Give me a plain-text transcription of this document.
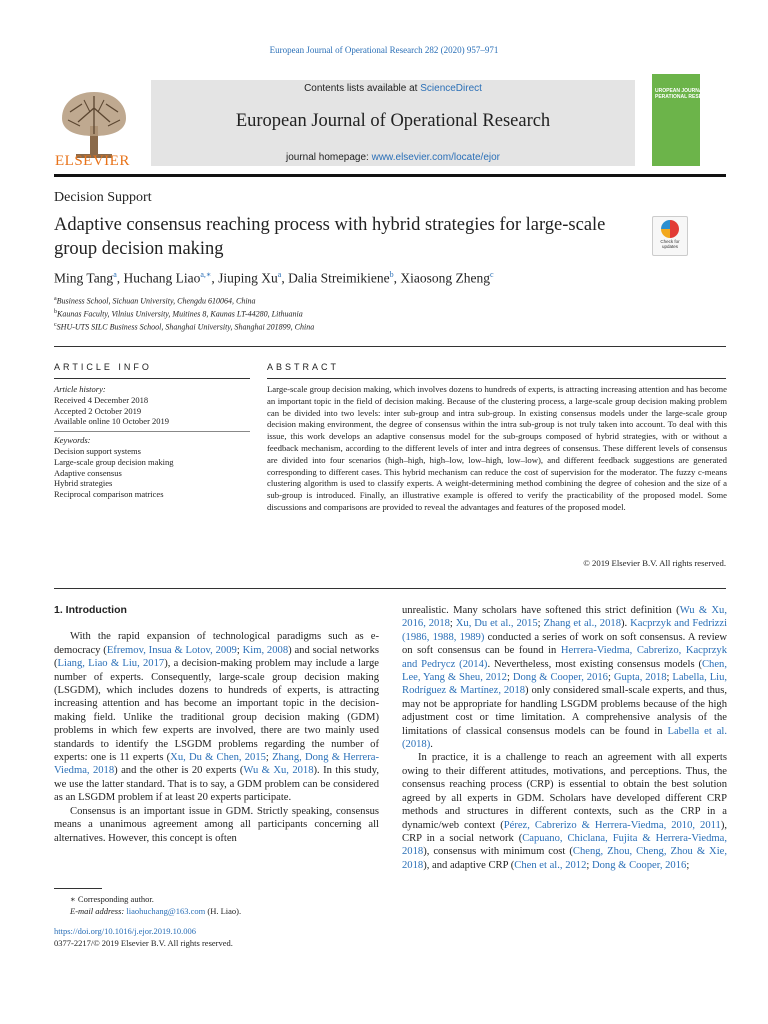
European Journal of Operational Research 282 (2020) 957–971
ELSEVIER
Contents lists available at ScienceDirect
European Journal of Operational Research
journal homepage: www.elsevier.com/locate/ejor
UROPEAN JOURNAL OF
PERATIONAL RESEARCH
Decision Support
Adaptive consensus reaching process with hybrid strategies for large-scale group decision making	Check for updates
Ming Tang$^a$, Huchang Liao$^{a,∗}$, Jiuping Xu$^a$, Dalia Streimikiene$^b$, Xiaosong Zheng$^c$
$^a$Business School, Sichuan University, Chengdu 610064, China
$^b$Kaunas Faculty, Vilnius University, Muitines 8, Kaunas LT-44280, Lithuania
$^c$SHU-UTS SILC Business School, Shanghai University, Shanghai 201899, China
ARTICLE INFO	ABSTRACT
Article history:
Received 4 December 2018
Accepted 2 October 2019
Available online 10 October 2019
Keywords:
Decision support systems
Large-scale group decision making
Adaptive consensus
Hybrid strategies
Reciprocal comparison matrices
Large-scale group decision making, which involves dozens to hundreds of experts, is attracting increasing attention and has become an important topic in the field of decision making. Because of the clustering process, a large-scale group decision making problem can be divided into two levels: inter sub-group and intra sub-group. In existing consensus models under the large-scale group decision making environment, the degree of consensus within the intra sub-group is not truly taken into account. To deal with this issue, this work develops an adaptive consensus model for the sub-groups composed of hybrid strategies, with or without a feedback mechanism, according to the different levels of inter and intra degrees of consensus. These different levels of consensus are divided into four scenarios (high–high, high–low, low–high, low–low), and different feedback suggestions are generated corresponding to different cases. This hybrid mechanism can reduce the cost of supervision for the moderator. The fuzzy c-means clustering algorithm is used to classify experts. A weight-determining method combining the degree of cohesion and the size of a sub-group is introduced. Finally, an illustrative example is offered to verify the practicability of the proposed model. Some discussions and comparisons are provided to reveal the advantages and features of the proposed model.
© 2019 Elsevier B.V. All rights reserved.

1. Introduction

With the rapid expansion of technological paradigms such as e-democracy (Efremov, Insua & Lotov, 2009; Kim, 2008) and social networks (Liang, Liao & Liu, 2017), a decision-making problem may include a large number of experts. Consequently, large-scale group decision making (LSGDM), which includes dozens to hundreds of experts, is attracting increasing attention and has become an important topic in the decision-making field. Unlike the traditional group decision making (GDM) problems in which few experts are involved, there are two mainly used standards to identify the LSGDM problems regarding the number of experts: one is 11 experts (Xu, Du & Chen, 2015; Zhang, Dong & Herrera-Viedma, 2018) and the other is 20 experts (Wu & Xu, 2018). In this study, we use the latter standard. That is to say, a GDM problem can be considered as an LSGDM problem if at least 20 experts participate.

Consensus is an important issue in GDM. Strictly speaking, consensus means a unanimous agreement among all participants concerning all alternatives. However, this concept is often

unrealistic. Many scholars have softened this strict definition (Wu & Xu, 2016, 2018; Xu, Du et al., 2015; Zhang et al., 2018). Kacprzyk and Fedrizzi (1986, 1988, 1989) conducted a series of work on soft consensus. A review on soft consensus can be found in Herrera-Viedma, Cabrerizo, Kacprzyk and Pedrycz (2014). Nevertheless, most existing consensus models (Chen, Lee, Yang & Sheu, 2012; Dong & Cooper, 2016; Gupta, 2018; Labella, Liu, Rodríguez & Martínez, 2018) only considered small-scale experts, and thus, may not be appropriate for handling LSGDM problems because of the high adjustment cost or time limitation. A comprehensive analysis of the limitations of classical consensus models can be found in Labella et al. (2018).

In practice, it is a challenge to reach an agreement with all experts owing to their different attitudes, motivations, and perceptions. Thus, the consensus reaching process (CRP) is essential to obtain the best solution agreed by all experts in GDM. Scholars have developed different CRP methods and structures in different contexts, such as the CRP in a dynamic/web context (Pérez, Cabrerizo & Herrera-Viedma, 2010, 2011), CRP in a social network (Capuano, Chiclana, Fujita & Herrera-Viedma, 2018), consensus with minimum cost (Cheng, Zhou, Cheng, Zhou & Xie, 2018), and adaptive CRP (Chen et al., 2012; Dong & Cooper, 2016;

∗ Corresponding author.
E-mail address: liaohuchang@163.com (H. Liao).
https://doi.org/10.1016/j.ejor.2019.10.006
0377-2217/© 2019 Elsevier B.V. All rights reserved.
